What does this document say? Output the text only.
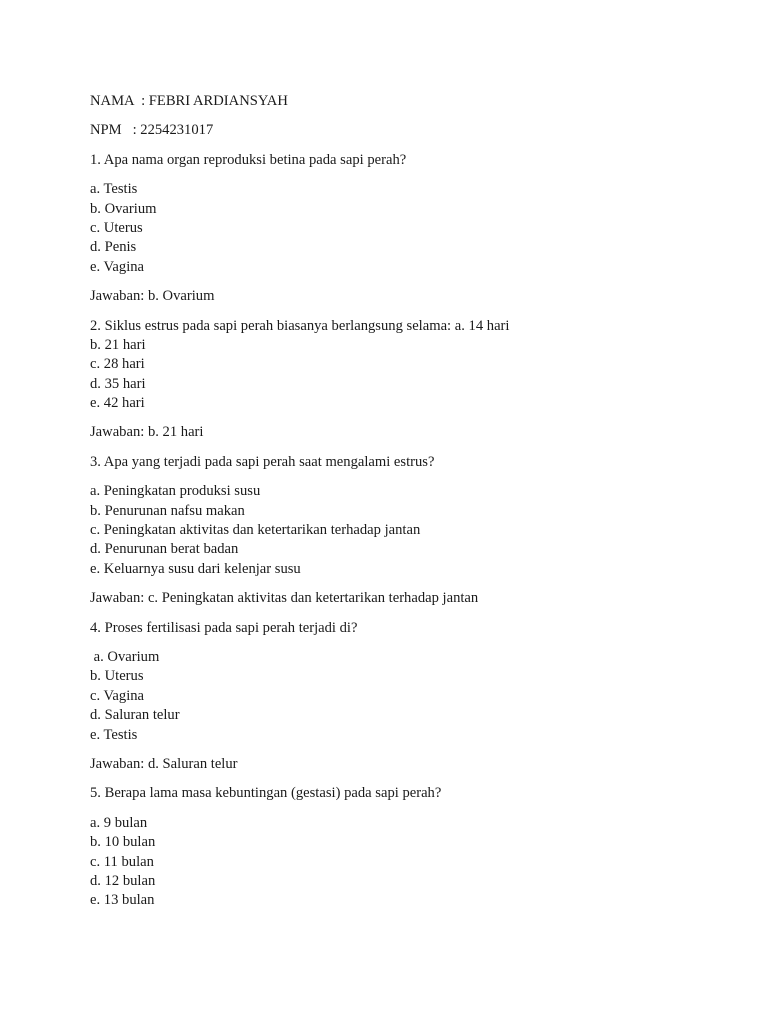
NAMA  : FEBRI ARDIANSYAH
NPM   : 2254231017
1. Apa nama organ reproduksi betina pada sapi perah?
a. Testis
b. Ovarium
c. Uterus
d. Penis
e. Vagina
Jawaban: b. Ovarium
2. Siklus estrus pada sapi perah biasanya berlangsung selama: a. 14 hari
b. 21 hari
c. 28 hari
d. 35 hari
e. 42 hari
Jawaban: b. 21 hari
3. Apa yang terjadi pada sapi perah saat mengalami estrus?
a. Peningkatan produksi susu
b. Penurunan nafsu makan
c. Peningkatan aktivitas dan ketertarikan terhadap jantan
d. Penurunan berat badan
e. Keluarnya susu dari kelenjar susu
Jawaban: c. Peningkatan aktivitas dan ketertarikan terhadap jantan
4. Proses fertilisasi pada sapi perah terjadi di?
a. Ovarium
b. Uterus
c. Vagina
d. Saluran telur
e. Testis
Jawaban: d. Saluran telur
5. Berapa lama masa kebuntingan (gestasi) pada sapi perah?
a. 9 bulan
b. 10 bulan
c. 11 bulan
d. 12 bulan
e. 13 bulan
